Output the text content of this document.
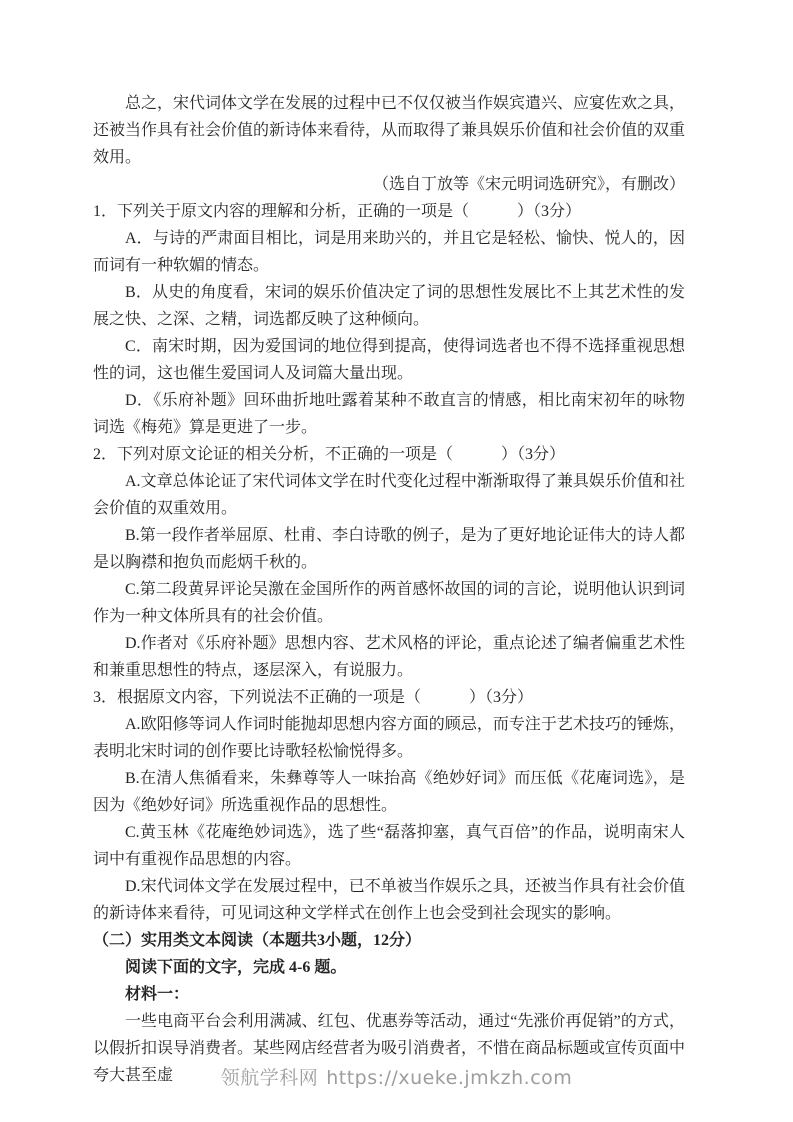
总之，宋代词体文学在发展的过程中已不仅仅被当作娱宾遣兴、应宴佐欢之具，还被当作具有社会价值的新诗体来看待，从而取得了兼具娱乐价值和社会价值的双重效用。

（选自丁放等《宋元明词选研究》，有删改）

1．下列关于原文内容的理解和分析，正确的一项是（　　　）（3分）

A．与诗的严肃面目相比，词是用来助兴的，并且它是轻松、愉快、悦人的，因而词有一种软媚的情态。

B．从史的角度看，宋词的娱乐价值决定了词的思想性发展比不上其艺术性的发展之快、之深、之精，词选都反映了这种倾向。

C．南宋时期，因为爱国词的地位得到提高，使得词选者也不得不选择重视思想性的词，这也催生爱国词人及词篇大量出现。

D．《乐府补题》回环曲折地吐露着某种不敢直言的情感，相比南宋初年的咏物词选《梅苑》算是更进了一步。

2．下列对原文论证的相关分析，不正确的一项是（　　　）（3分）

A.文章总体论证了宋代词体文学在时代变化过程中渐渐取得了兼具娱乐价值和社会价值的双重效用。

B.第一段作者举屈原、杜甫、李白诗歌的例子，是为了更好地论证伟大的诗人都是以胸襟和抱负而彪炳千秋的。

C.第二段黄昇评论吴激在金国所作的两首感怀故国的词的言论，说明他认识到词作为一种文体所具有的社会价值。

D.作者对《乐府补题》思想内容、艺术风格的评论，重点论述了编者偏重艺术性和兼重思想性的特点，逐层深入，有说服力。

3．根据原文内容，下列说法不正确的一项是（　　　）（3分）

A.欧阳修等词人作词时能抛却思想内容方面的顾忌，而专注于艺术技巧的锤炼，表明北宋时词的创作要比诗歌轻松愉悦得多。

B.在清人焦循看来，朱彝尊等人一味抬高《绝妙好词》而压低《花庵词选》，是因为《绝妙好词》所选重视作品的思想性。

C.黄玉林《花庵绝妙词选》，选了些“磊落抑塞，真气百倍”的作品，说明南宋人词中有重视作品思想的内容。

D.宋代词体文学在发展过程中，已不单被当作娱乐之具，还被当作具有社会价值的新诗体来看待，可见词这种文学样式在创作上也会受到社会现实的影响。

（二）实用类文本阅读（本题共3小题，12分）

阅读下面的文字，完成 4-6 题。

材料一：

一些电商平台会利用满减、红包、优惠券等活动，通过“先涨价再促销”的方式，以假折扣误导消费者。某些网店经营者为吸引消费者，不惜在商品标题或宣传页面中夸大甚至虚	领航学科网 https://xueke.jmkzh.com
